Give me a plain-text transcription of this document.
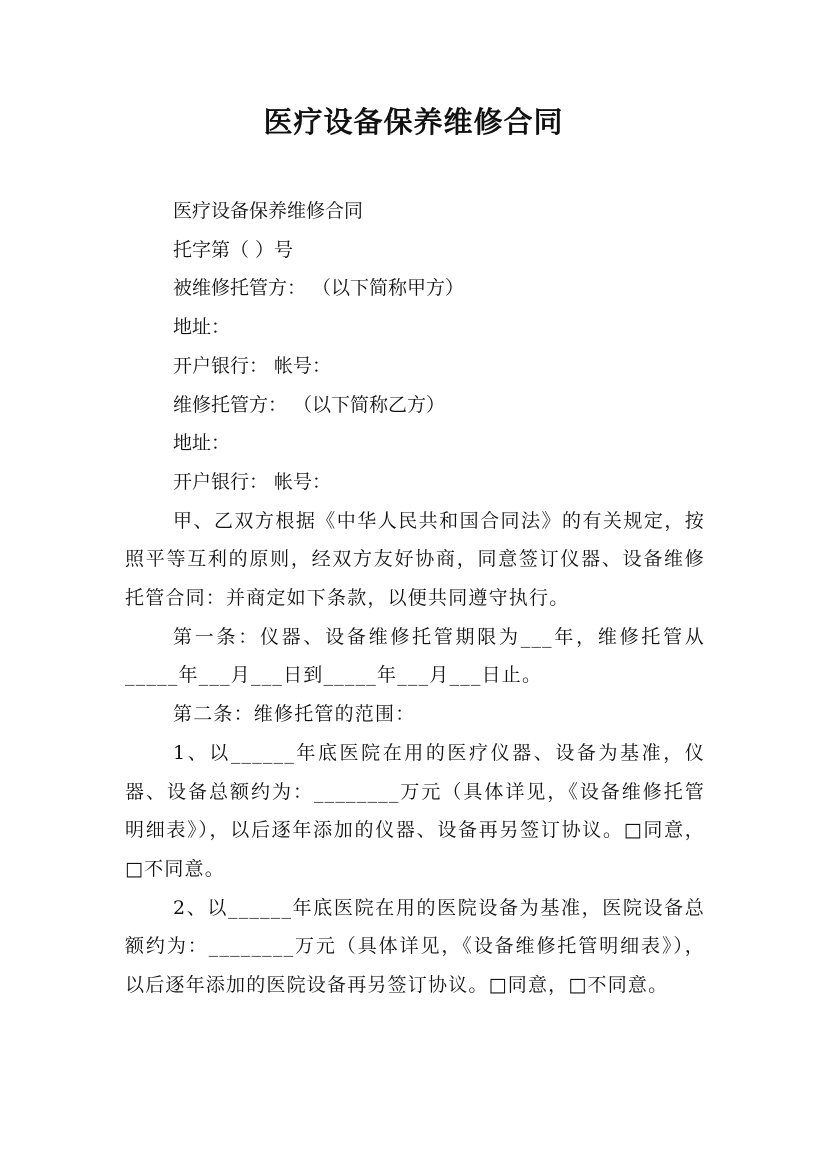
医疗设备保养维修合同

医疗设备保养维修合同

托字第（ ）号

被维修托管方： （以下简称甲方）

地址：

开户银行： 帐号：

维修托管方： （以下简称乙方）

地址：

开户银行： 帐号：

甲、乙双方根据《中华人民共和国合同法》的有关规定，按照平等互利的原则，经双方友好协商，同意签订仪器、设备维修托管合同：并商定如下条款，以便共同遵守执行。

第一条：仪器、设备维修托管期限为___年，维修托管从_____年___月___日到_____年___月___日止。

第二条：维修托管的范围：

1、以______年底医院在用的医疗仪器、设备为基准，仪器、设备总额约为：________万元（具体详见，《设备维修托管明细表》），以后逐年添加的仪器、设备再另签订协议。□同意，□不同意。

2、以______年底医院在用的医院设备为基准，医院设备总额约为：________万元（具体详见，《设备维修托管明细表》），以后逐年添加的医院设备再另签订协议。□同意，□不同意。
